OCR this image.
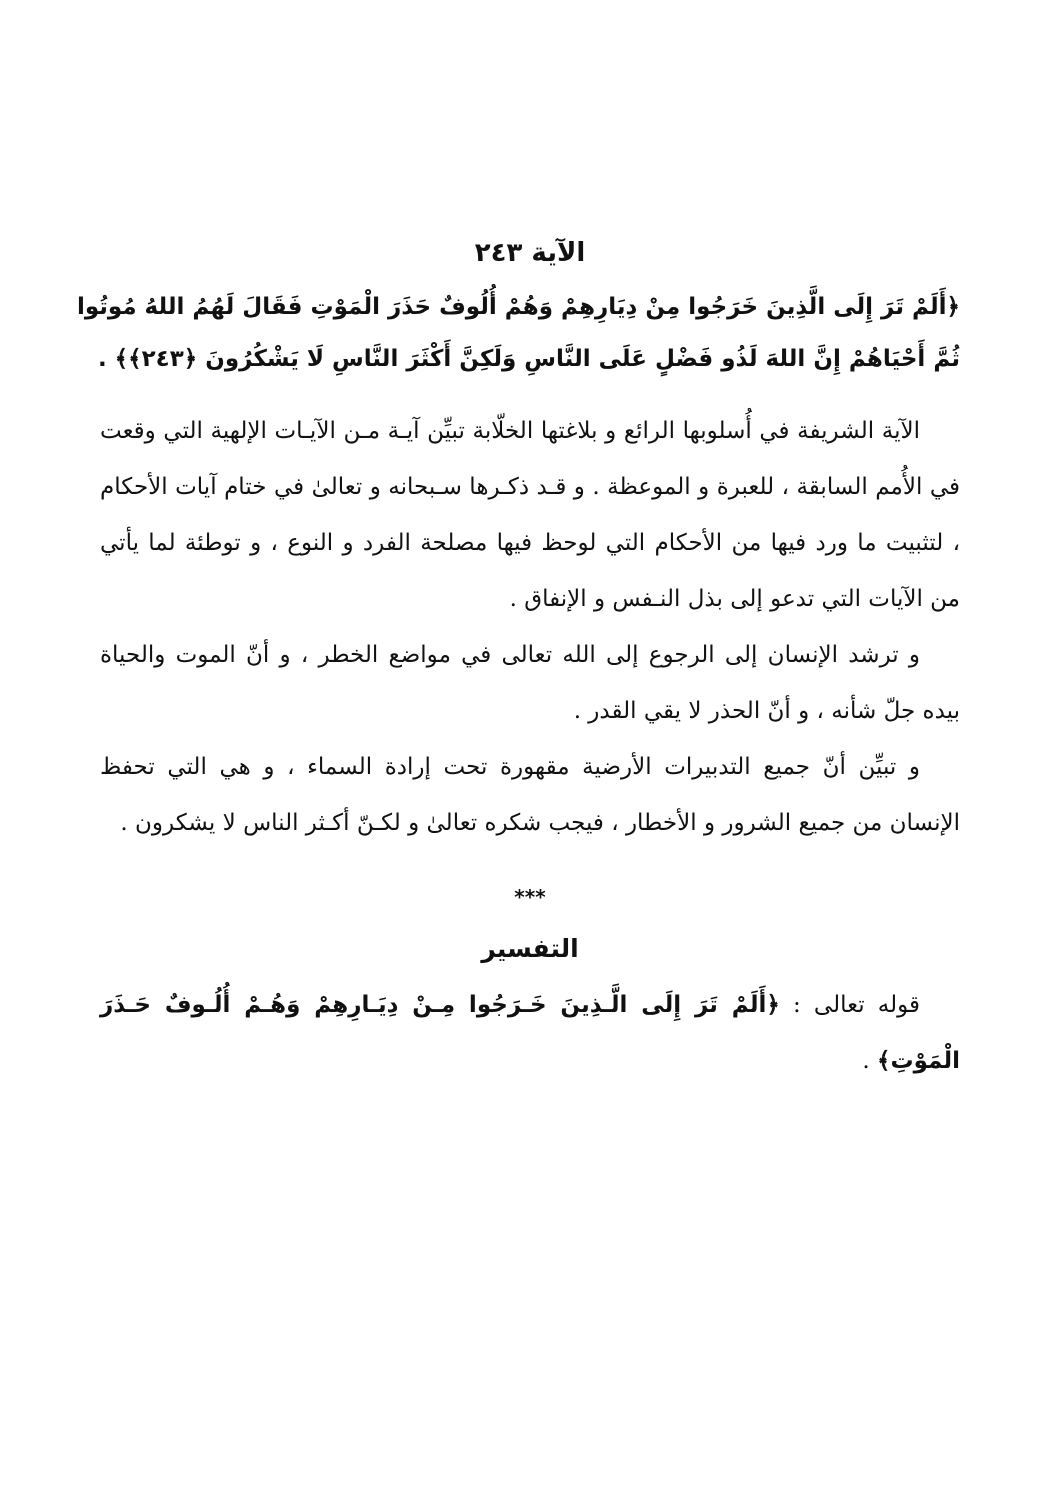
الآية ٢٤٣

﴿أَلَمْ تَرَ إِلَى الَّذِينَ خَرَجُوا مِنْ دِيَارِهِمْ وَهُمْ أُلُوفٌ حَذَرَ الْمَوْتِ فَقَالَ لَهُمُ اللهُ مُوتُوا
ثُمَّ أَحْيَاهُمْ إِنَّ اللهَ لَذُو فَضْلٍ عَلَى النَّاسِ وَلَكِنَّ أَكْثَرَ النَّاسِ لَا يَشْكُرُونَ ﴿٢٤٣﴾﴾ .

الآية الشريفة في أُسلوبها الرائع و بلاغتها الخلّابة تبيِّن آيـة مـن الآيـات الإلهية التي وقعت في الأُمم السابقة ، للعبرة و الموعظة . و قـد ذكـرها سـبحانه و تعالىٰ في ختام آيات الأحكام ، لتثبيت ما ورد فيها من الأحكام التي لوحظ فيها مصلحة الفرد و النوع ، و توطئة لما يأتي من الآيات التي تدعو إلى بذل النـفس و الإنفاق .

و ترشد الإنسان إلى الرجوع إلى الله تعالى في مواضع الخطر ، و أنّ الموت والحياة بيده جلّ شأنه ، و أنّ الحذر لا يقي القدر .

و تبيِّن أنّ جميع التدبيرات الأرضية مقهورة تحت إرادة السماء ، و هي التي تحفظ الإنسان من جميع الشرور و الأخطار ، فيجب شكره تعالىٰ و لكـنّ أكـثر الناس لا يشكرون .

***
التفسير

قوله تعالى : ﴿أَلَمْ تَرَ إِلَى الَّـذِينَ خَـرَجُوا مِـنْ دِيَـارِهِمْ وَهُـمْ أُلُـوفٌ حَـذَرَ الْمَوْتِ﴾ .
